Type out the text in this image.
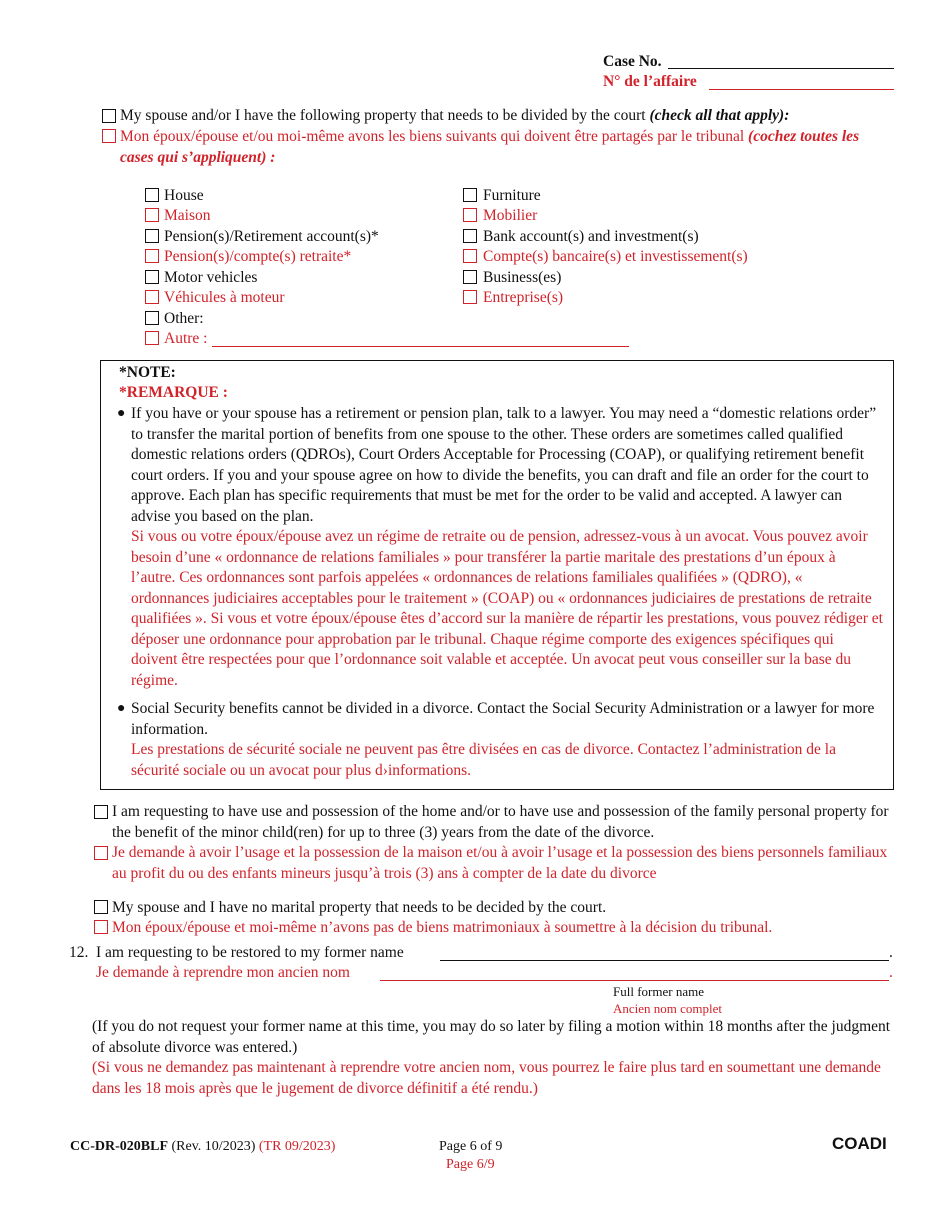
Case No.
N° de l’affaire
My spouse and/or I have the following property that needs to be divided by the court (check all that apply):
Mon époux/épouse et/ou moi-même avons les biens suivants qui doivent être partagés par le tribunal (cochez toutes les cases qui s’appliquent) :
House
Maison
Pension(s)/Retirement account(s)*
Pension(s)/compte(s) retraite*
Motor vehicles
Véhicules à moteur
Other:
Autre :
Furniture
Mobilier
Bank account(s) and investment(s)
Compte(s) bancaire(s) et investissement(s)
Business(es)
Entreprise(s)
*NOTE:
*REMARQUE :
● If you have or your spouse has a retirement or pension plan, talk to a lawyer. You may need a “domestic relations order” to transfer the marital portion of benefits from one spouse to the other. These orders are sometimes called qualified domestic relations orders (QDROs), Court Orders Acceptable for Processing (COAP), or qualifying retirement benefit court orders. If you and your spouse agree on how to divide the benefits, you can draft and file an order for the court to approve. Each plan has specific requirements that must be met for the order to be valid and accepted. A lawyer can advise you based on the plan.
Si vous ou votre époux/épouse avez un régime de retraite ou de pension, adressez-vous à un avocat. Vous pouvez avoir besoin d’une « ordonnance de relations familiales » pour transférer la partie maritale des prestations d’un époux à l’autre. Ces ordonnances sont parfois appelées « ordonnances de relations familiales qualifiées » (QDRO), « ordonnances judiciaires acceptables pour le traitement » (COAP) ou « ordonnances judiciaires de prestations de retraite qualifiées ». Si vous et votre époux/épouse êtes d’accord sur la manière de répartir les prestations, vous pouvez rédiger et déposer une ordonnance pour approbation par le tribunal. Chaque régime comporte des exigences spécifiques qui doivent être respectées pour que l’ordonnance soit valable et acceptée. Un avocat peut vous conseiller sur la base du régime.
● Social Security benefits cannot be divided in a divorce. Contact the Social Security Administration or a lawyer for more information.
Les prestations de sécurité sociale ne peuvent pas être divisées en cas de divorce. Contactez l’administration de la sécurité sociale ou un avocat pour plus d›informations.
I am requesting to have use and possession of the home and/or to have use and possession of the family personal property for the benefit of the minor child(ren) for up to three (3) years from the date of the divorce.
Je demande à avoir l’usage et la possession de la maison et/ou à avoir l’usage et la possession des biens personnels familiaux au profit du ou des enfants mineurs jusqu’à trois (3) ans à compter de la date du divorce
My spouse and I have no marital property that needs to be decided by the court.
Mon époux/épouse et moi-même n’avons pas de biens matrimoniaux à soumettre à la décision du tribunal.
12. I am requesting to be restored to my former name	.
Je demande à reprendre mon ancien nom	.
Full former name
Ancien nom complet
(If you do not request your former name at this time, you may do so later by filing a motion within 18 months after the judgment of absolute divorce was entered.)
(Si vous ne demandez pas maintenant à reprendre votre ancien nom, vous pourrez le faire plus tard en soumettant une demande dans les 18 mois après que le jugement de divorce définitif a été rendu.)
CC-DR-020BLF (Rev. 10/2023) (TR 09/2023)	Page 6 of 9
Page 6/9
COADI
